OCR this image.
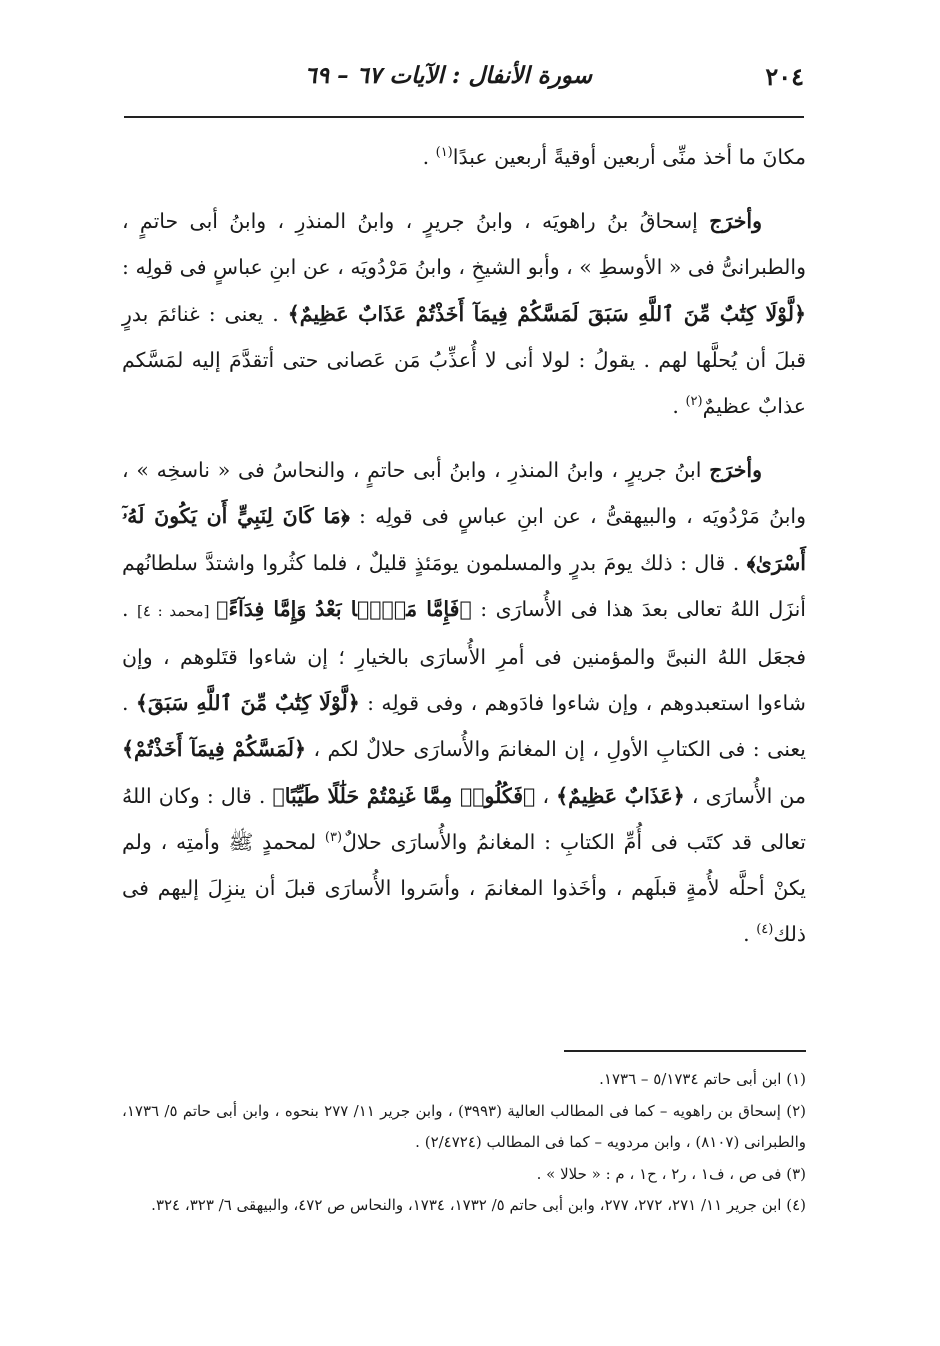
٢٠٤
سورة الأنفال : الآيات ٦٧ – ٦٩

مكانَ ما أخذ منِّى أربعين أوقيةً أربعين عبدًا$^{(١)}$ .

وأخرَج إسحاقُ بنُ راهويَه ، وابنُ جريرٍ ، وابنُ المنذرِ ، وابنُ أبى حاتمٍ ، والطبرانىُّ فى « الأوسطِ » ، وأبو الشيخِ ، وابنُ مَرْدُويَه ، عن ابنِ عباسٍ فى قولِه : ﴿لَّوْلَا كِتَٰبٌ مِّنَ ٱللَّهِ سَبَقَ لَمَسَّكُمْ فِيمَآ أَخَذْتُمْ عَذَابٌ عَظِيمٌ﴾ . يعنى : غنائمَ بدرٍ قبلَ أن يُحلَّها لهم . يقولُ : لولا أنى لا أُعذِّبُ مَن عَصانى حتى أتقدَّمَ إليه لمَسَّكم عذابٌ عظيمٌ$^{(٢)}$ .

وأخرَج ابنُ جريرٍ ، وابنُ المنذرِ ، وابنُ أبى حاتمٍ ، والنحاسُ فى « ناسخِه » ، وابنُ مَرْدُويَه ، والبيهقىُّ ، عن ابنِ عباسٍ فى قولِه : ﴿مَا كَانَ لِنَبِيٍّ أَن يَكُونَ لَهُۥٓ أَسْرَىٰ﴾ . قال : ذلك يومَ بدرٍ والمسلمون يومَئذٍ قليلٌ ، فلما كثُروا واشتدَّ سلطانُهم أنزَل اللهُ تعالى بعدَ هذا فى الأُسارَى : ﴿فَإِمَّا مَنًّۢا بَعْدُ وَإِمَّا فِدَآءً﴾ [محمد : ٤] . فجعَل اللهُ النبىَّ والمؤمنين فى أمرِ الأُسارَى بالخيارِ ؛ إن شاءوا قتَلوهم ، وإن شاءوا استعبدوهم ، وإن شاءوا فادَوهم ، وفى قولِه : ﴿لَّوْلَا كِتَٰبٌ مِّنَ ٱللَّهِ سَبَقَ﴾ . يعنى : فى الكتابِ الأولِ ، إن المغانمَ والأُسارَى حلالٌ لكم ، ﴿لَمَسَّكُمْ فِيمَآ أَخَذْتُمْ﴾ من الأُسارَى ، ﴿عَذَابٌ عَظِيمٌ﴾ ، ﴿فَكُلُوا۟ مِمَّا غَنِمْتُمْ حَلَٰلًا طَيِّبًا﴾ . قال : وكان اللهُ تعالى قد كتَب فى أُمِّ الكتابِ : المغانمُ والأُسارَى حلالٌ$^{(٣)}$ لمحمدٍ ﷺ وأمتِه ، ولم يكنْ أحلَّه لأُمةٍ قبلَهم ، وأخَذوا المغانمَ ، وأسَروا الأُسارَى قبلَ أن ينزِلَ إليهم فى ذلك$^{(٤)}$ .

(١) ابن أبى حاتم ٥/١٧٣٤ – ١٧٣٦.

(٢) إسحاق بن راهويه – كما فى المطالب العالية (٣٩٩٣) ، وابن جرير ١١/ ٢٧٧ بنحوه ، وابن أبى حاتم ٥/ ١٧٣٦، والطبرانى (٨١٠٧) ، وابن مردويه – كما فى المطالب (٢/٤٧٢٤) .

(٣) فى ص ، ف١ ، ر٢ ، ح١ ، م : « حلالا » .

(٤) ابن جرير ١١/ ٢٧١، ٢٧٢، ٢٧٧، وابن أبى حاتم ٥/ ١٧٣٢، ١٧٣٤، والنحاس ص ٤٧٢، والبيهقى ٦/ ٣٢٣، ٣٢٤.
